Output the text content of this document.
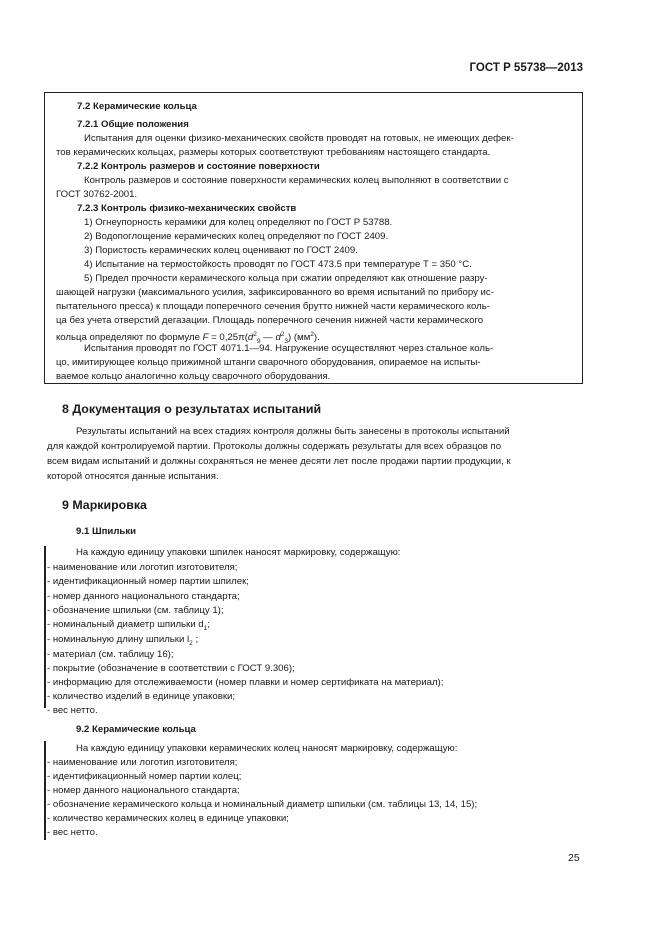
ГОСТ Р 55738—2013
7.2 Керамические кольца
7.2.1 Общие положения
Испытания для оценки физико-механических свойств проводят на готовых, не имеющих дефек-
тов керамических кольцах, размеры которых соответствуют требованиям настоящего стандарта.
7.2.2 Контроль размеров и состояние поверхности
Контроль размеров и состояние поверхности керамических колец выполняют в соответствии с
ГОСТ 30762-2001.
7.2.3 Контроль физико-механических свойств
1) Огнеупорность керамики для колец определяют по ГОСТ Р 53788.
2) Водопоглощение керамических колец определяют по ГОСТ 2409.
3) Пористость керамических колец оценивают по ГОСТ 2409.
4) Испытание на термостойкость проводят по ГОСТ 473.5 при температуре Т = 350 °С.
5) Предел прочности керамического кольца при сжатии определяют как отношение разру-
шающей нагрузки (максимального усилия, зафиксированного во время испытаний по прибору ис-
пытательного пресса) к площади поперечного сечения брутто нижней части керамического коль-
ца без учета отверстий дегазации. Площадь поперечного сечения нижней части керамического
кольца определяют по формуле $F = 0,25\pi(d^2_9$ — $d^2_3$) $(мм^2)$.
Испытания проводят по ГОСТ 4071.1—94. Нагружение осуществляют через стальное коль-
цо, имитирующее кольцо прижимной штанги сварочного оборудования, опираемое на испыты-
ваемое кольцо аналогично кольцу сварочного оборудования.
8 Документация о результатах испытаний
Результаты испытаний на всех стадиях контроля должны быть занесены в протоколы испытаний
для каждой контролируемой партии. Протоколы должны содержать результаты для всех образцов по
всем видам испытаний и должны сохраняться не менее десяти лет после продажи партии продукции, к
которой относятся данные испытания.
9 Маркировка
9.1 Шпильки
На каждую единицу упаковки шпилек наносят маркировку, содержащую:
- наименование или логотип изготовителя;
- идентификационный номер партии шпилек;
- номер данного национального стандарта;
- обозначение шпильки (см. таблицу 1);
- номинальный диаметр шпильки $d_1$;
- номинальную длину шпильки $l_2$ ;
- материал (см. таблицу 16);
- покрытие (обозначение в соответствии с ГОСТ 9.306);
- информацию для отслеживаемости (номер плавки и номер сертификата на материал);
- количество изделий в единице упаковки;
- вес нетто.
9.2 Керамические кольца
На каждую единицу упаковки керамических колец наносят маркировку, содержащую:
- наименование или логотип изготовителя;
- идентификационный номер партии колец;
- номер данного национального стандарта;
- обозначение керамического кольца и номинальный диаметр шпильки (см. таблицы 13, 14, 15);
- количество керамических колец в единице упаковки;
- вес нетто.
25
